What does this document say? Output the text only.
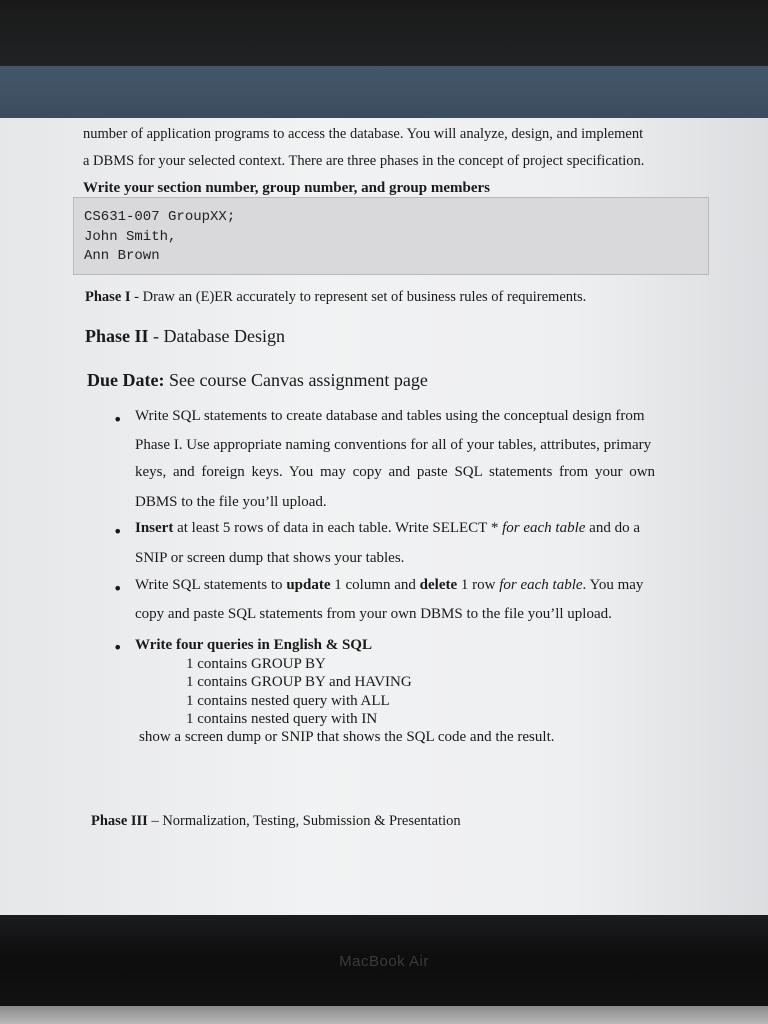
number of application programs to access the database. You will analyze, design, and implement
a DBMS for your selected context. There are three phases in the concept of project specification.
Write your section number, group number, and group members
CS631-007 GroupXX;
John Smith,
Ann Brown
Phase I - Draw an (E)ER accurately to represent set of business rules of requirements.
Phase II - Database Design
Due Date: See course Canvas assignment page
• Write SQL statements to create database and tables using the conceptual design from
Phase I. Use appropriate naming conventions for all of your tables, attributes, primary
keys, and foreign keys. You may copy and paste SQL statements from your own
DBMS to the file you’ll upload.
• Insert at least 5 rows of data in each table. Write SELECT * for each table and do a
SNIP or screen dump that shows your tables.
• Write SQL statements to update 1 column and delete 1 row for each table. You may
copy and paste SQL statements from your own DBMS to the file you’ll upload.
• Write four queries in English & SQL
1 contains GROUP BY
1 contains GROUP BY and HAVING
1 contains nested query with ALL
1 contains nested query with IN
show a screen dump or SNIP that shows the SQL code and the result.
Phase III – Normalization, Testing, Submission & Presentation
MacBook Air
